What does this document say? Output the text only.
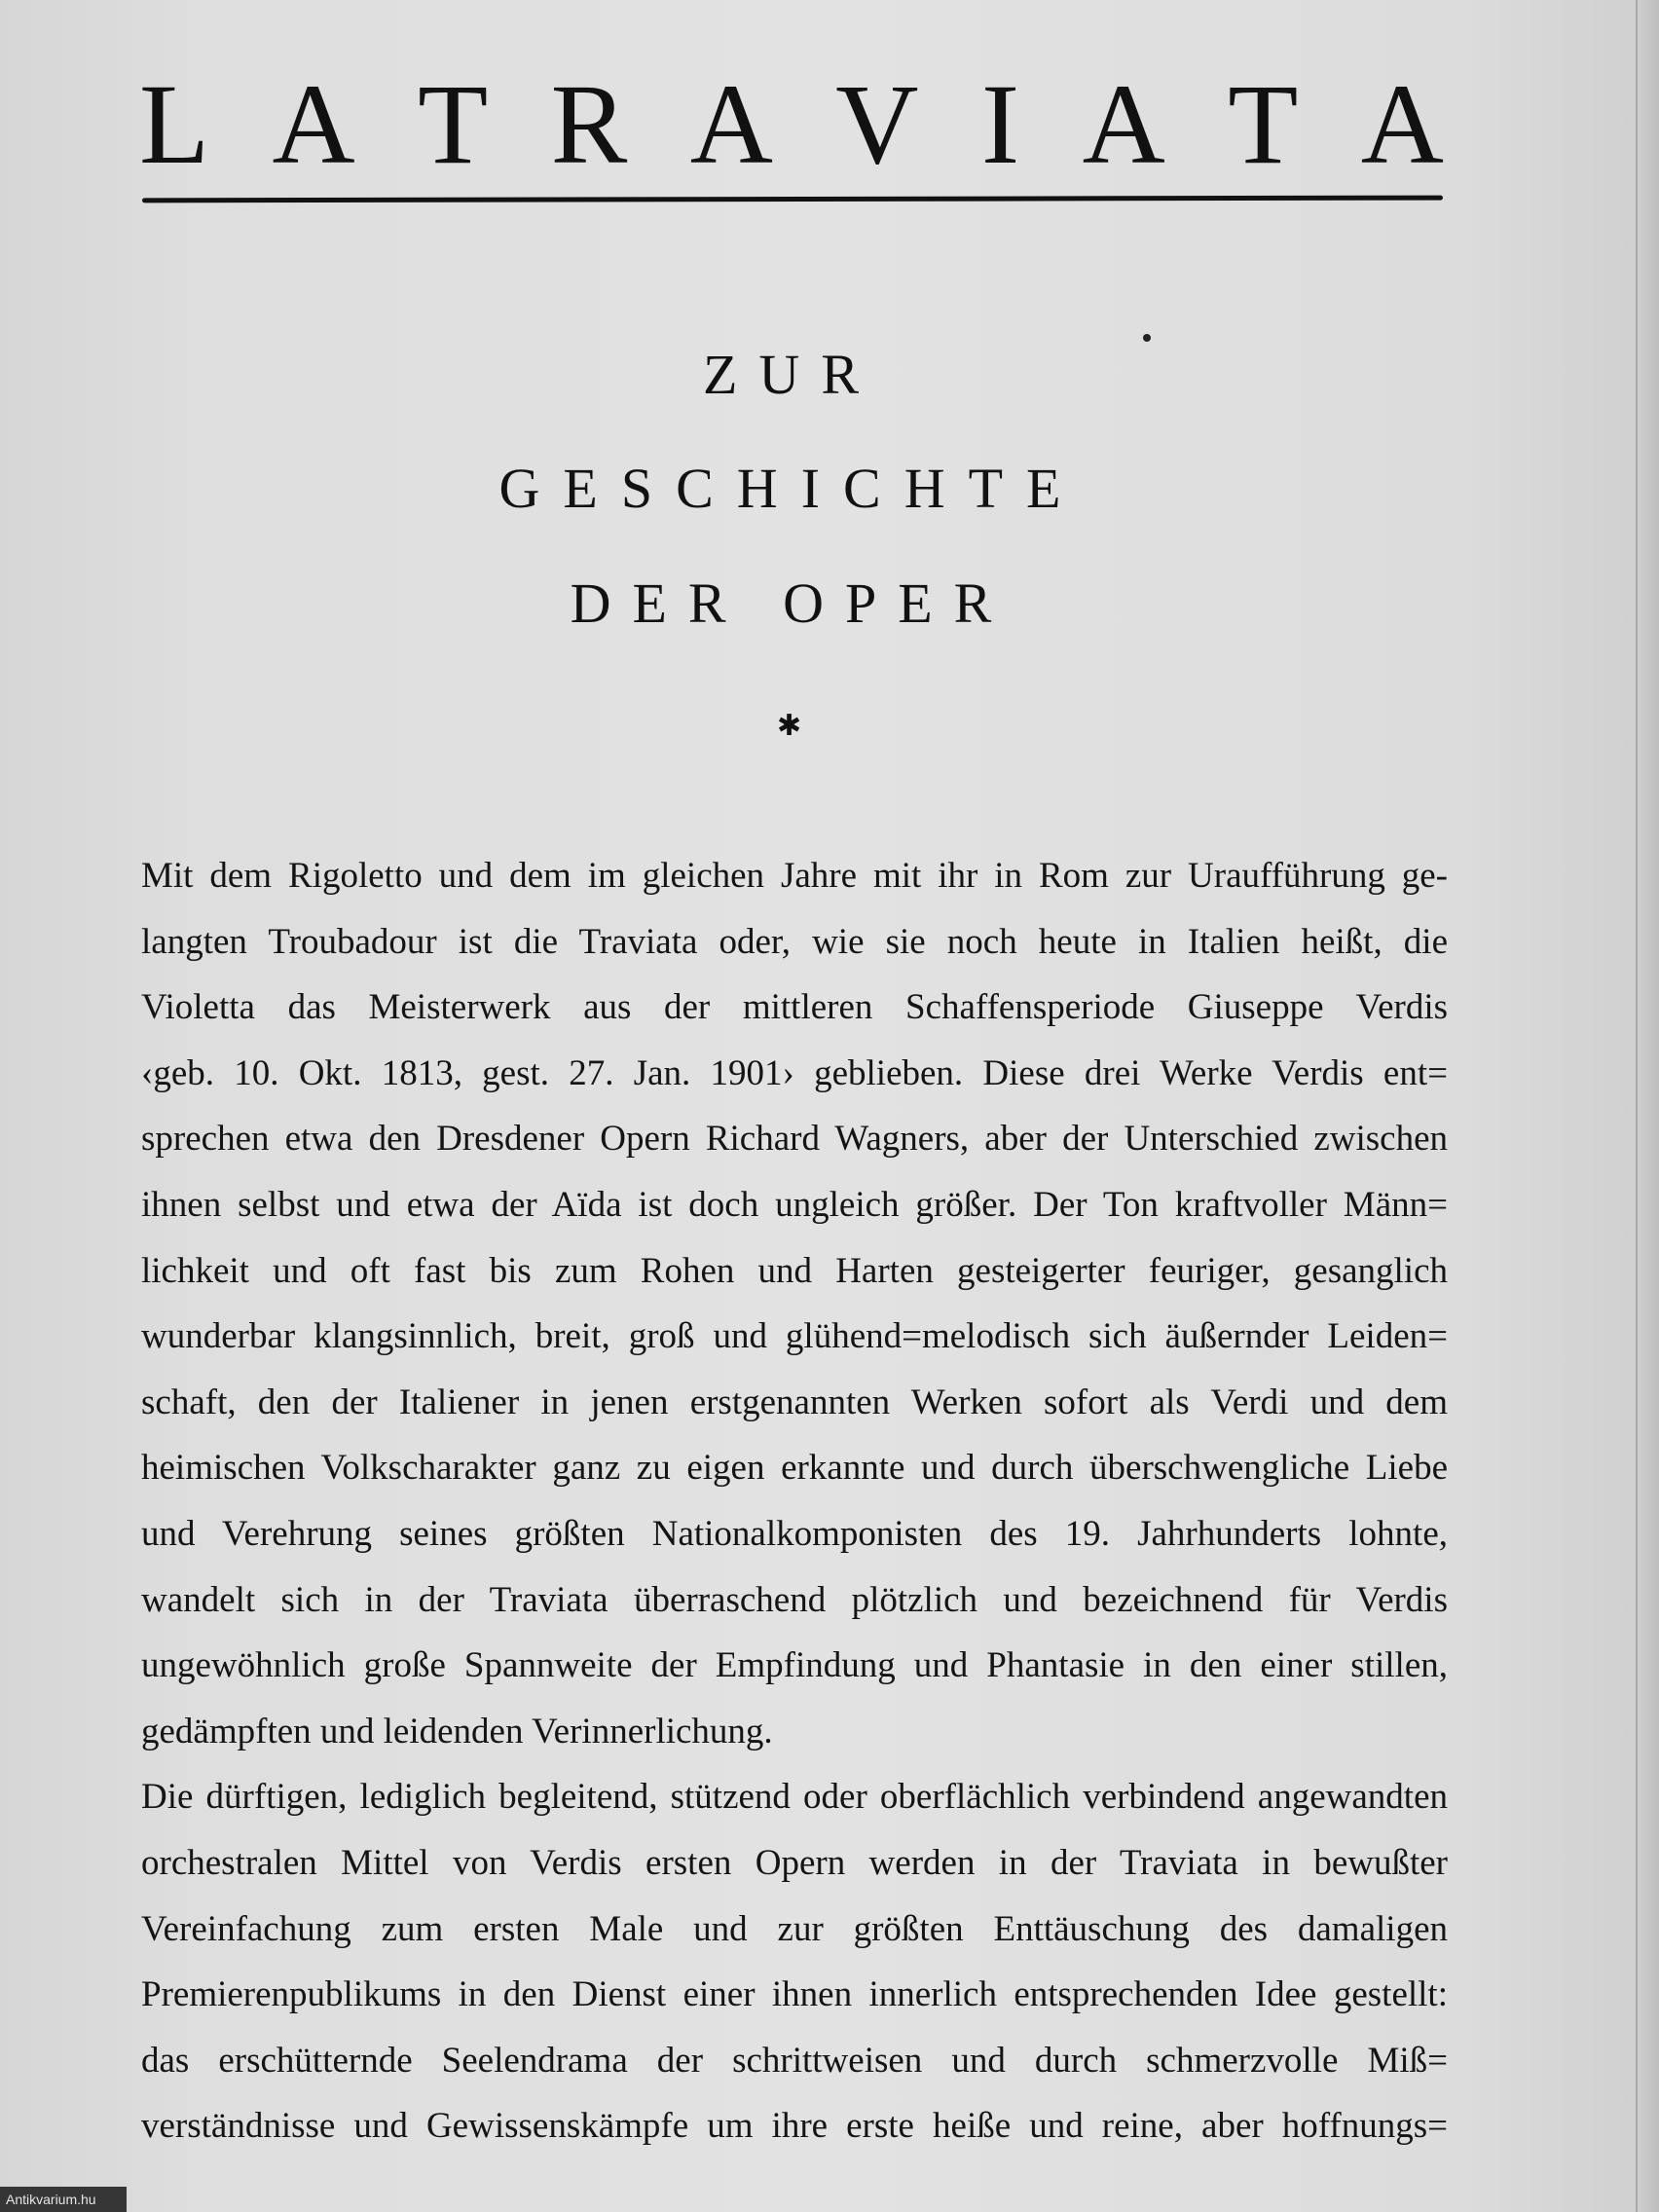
L A T R A V I A T A
ZUR
GESCHICHTE
DER OPER
✱
Mit dem Rigoletto und dem im gleichen Jahre mit ihr in Rom zur Uraufführung ge-
langten Troubadour ist die Traviata oder, wie sie noch heute in Italien heißt, die
Violetta das Meisterwerk aus der mittleren Schaffensperiode Giuseppe Verdis
‹geb. 10. Okt. 1813, gest. 27. Jan. 1901› geblieben. Diese drei Werke Verdis ent=
sprechen etwa den Dresdener Opern Richard Wagners, aber der Unterschied zwischen
ihnen selbst und etwa der Aïda ist doch ungleich größer. Der Ton kraftvoller Männ=
lichkeit und oft fast bis zum Rohen und Harten gesteigerter feuriger, gesanglich
wunderbar klangsinnlich, breit, groß und glühend=melodisch sich äußernder Leiden=
schaft, den der Italiener in jenen erstgenannten Werken sofort als Verdi und dem
heimischen Volkscharakter ganz zu eigen erkannte und durch überschwengliche Liebe
und Verehrung seines größten Nationalkomponisten des 19. Jahrhunderts lohnte,
wandelt sich in der Traviata überraschend plötzlich und bezeichnend für Verdis
ungewöhnlich große Spannweite der Empfindung und Phantasie in den einer stillen,
gedämpften und leidenden Verinnerlichung.
Die dürftigen, lediglich begleitend, stützend oder oberflächlich verbindend angewandten
orchestralen Mittel von Verdis ersten Opern werden in der Traviata in bewußter
Vereinfachung zum ersten Male und zur größten Enttäuschung des damaligen
Premierenpublikums in den Dienst einer ihnen innerlich entsprechenden Idee gestellt:
das erschütternde Seelendrama der schrittweisen und durch schmerzvolle Miß=
verständnisse und Gewissenskämpfe um ihre erste heiße und reine, aber hoffnungs=
Antikvarium.hu
